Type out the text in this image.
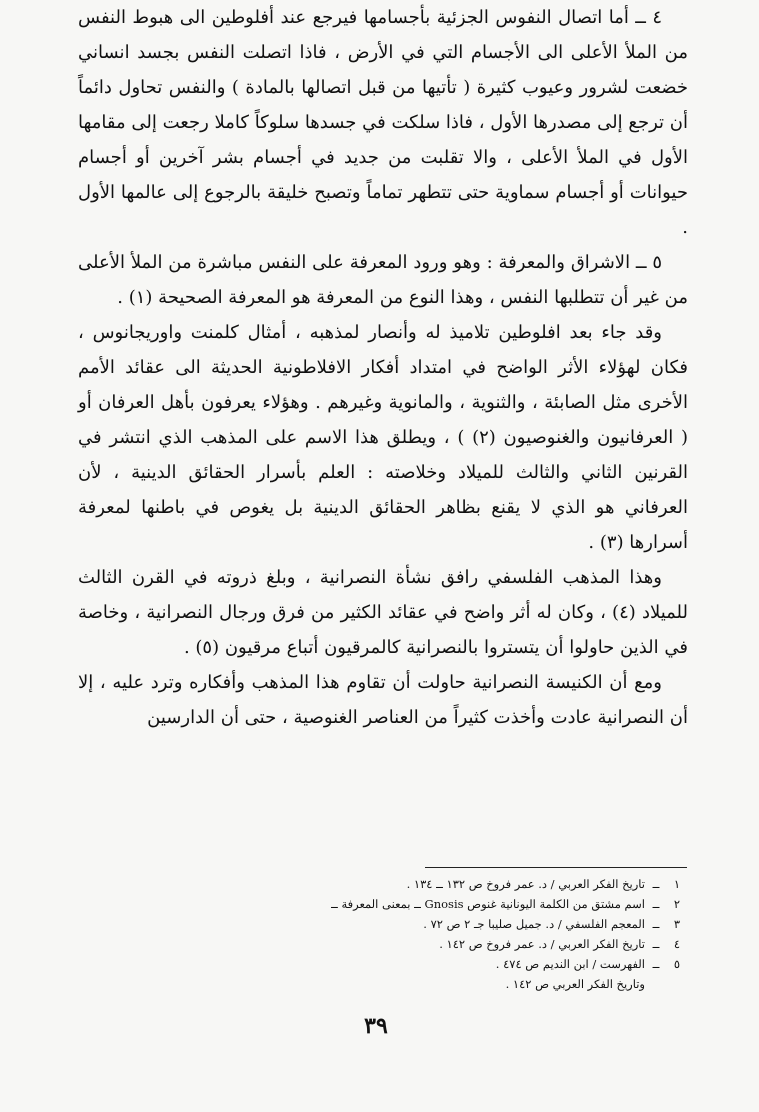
٤ ــ أما اتصال النفوس الجزئية بأجسامها فيرجع عند أفلوطين الى هبوط النفس من الملأ الأعلى الى الأجسام التي في الأرض ، فاذا اتصلت النفس بجسد انساني خضعت لشرور وعيوب كثيرة ( تأتيها من قبل اتصالها بالمادة ) والنفس تحاول دائماً أن ترجع إلى مصدرها الأول ، فاذا سلكت في جسدها سلوكاً كاملا رجعت إلى مقامها الأول في الملأ الأعلى ، والا تقلبت من جديد في أجسام بشر آخرين أو أجسام حيوانات أو أجسام سماوية حتى تتطهر تماماً وتصبح خليقة بالرجوع إلى عالمها الأول .

٥ ــ الاشراق والمعرفة : وهو ورود المعرفة على النفس مباشرة من الملأ الأعلى من غير أن تتطلبها النفس ، وهذا النوع من المعرفة هو المعرفة الصحيحة (١) .

وقد جاء بعد افلوطين تلاميذ له وأنصار لمذهبه ، أمثال كلمنت واوريجانوس ، فكان لهؤلاء الأثر الواضح في امتداد أفكار الافلاطونية الحديثة الى عقائد الأمم الأخرى مثل الصابئة ، والثنوية ، والمانوية وغيرهم . وهؤلاء يعرفون بأهل العرفان أو ( العرفانيون والغنوصيون (٢) ) ، ويطلق هذا الاسم على المذهب الذي انتشر في القرنين الثاني والثالث للميلاد وخلاصته : العلم بأسرار الحقائق الدينية ، لأن العرفاني هو الذي لا يقنع بظاهر الحقائق الدينية بل يغوص في باطنها لمعرفة أسرارها (٣) .

وهذا المذهب الفلسفي رافق نشأة النصرانية ، وبلغ ذروته في القرن الثالث للميلاد (٤) ، وكان له أثر واضح في عقائد الكثير من فرق ورجال النصرانية ، وخاصة في الذين حاولوا أن يتستروا بالنصرانية كالمرقيون أتباع مرقيون (٥) .

ومع أن الكنيسة النصرانية حاولت أن تقاوم هذا المذهب وأفكاره وترد عليه ، إلا أن النصرانية عادت وأخذت كثيراً من العناصر الغنوصية ، حتى أن الدارسين

١
ــ
تاريخ الفكر العربي / د. عمر فروخ ص ١٣٢ ــ ١٣٤ .
٢
ــ
اسم مشتق من الكلمة اليونانية غنوص Gnosis ــ بمعنى المعرفة ــ
٣
ــ
المعجم الفلسفي / د. جميل صليبا جـ ٢ ص ٧٢ .
٤
ــ
تاريخ الفكر العربي / د. عمر فروخ ص ١٤٢ .
٥
ــ
الفهرست / ابن النديم ص ٤٧٤ .
وتاريخ الفكر العربي ص ١٤٢ .
٣٩
